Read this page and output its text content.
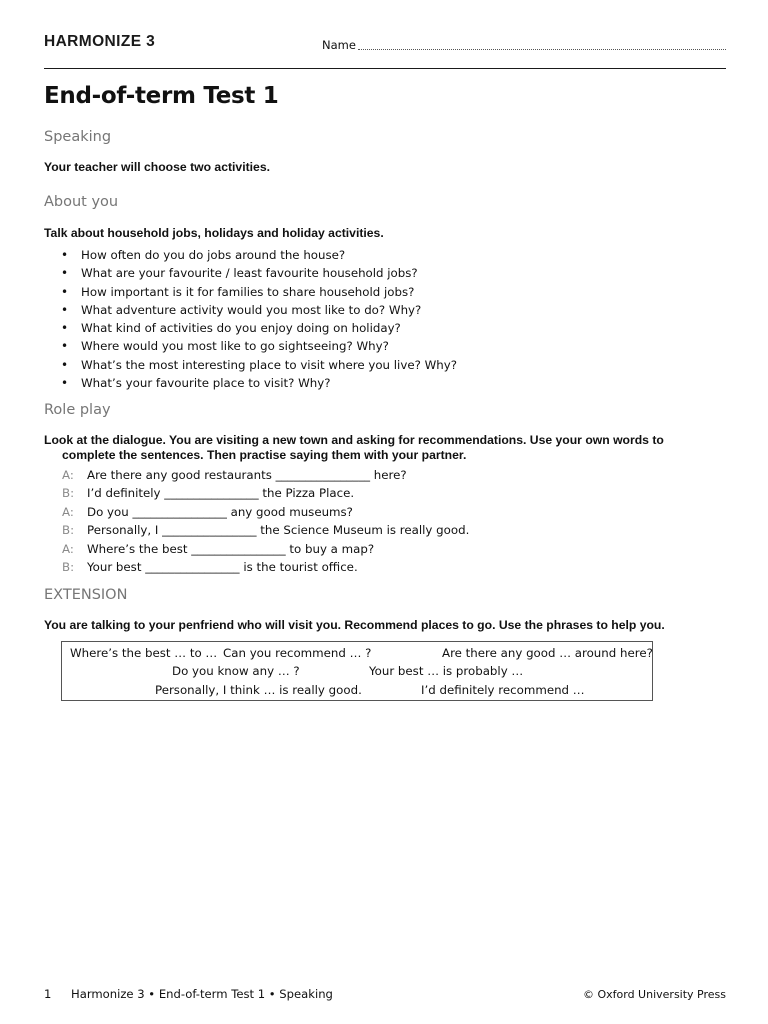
HARMONIZE 3	Name
End-of-term Test 1
Speaking
Your teacher will choose two activities.
About you
Talk about household jobs, holidays and holiday activities.
• How often do you do jobs around the house?
• What are your favourite / least favourite household jobs?
• How important is it for families to share household jobs?
• What adventure activity would you most like to do? Why?
• What kind of activities do you enjoy doing on holiday?
• Where would you most like to go sightseeing? Why?
• What’s the most interesting place to visit where you live? Why?
• What’s your favourite place to visit? Why?
Role play
Look at the dialogue. You are visiting a new town and asking for recommendations. Use your own words to
complete the sentences. Then practise saying them with your partner.
A:	Are there any good restaurants ________________ here?
B:	I’d definitely ________________ the Pizza Place.
A:	Do you ________________ any good museums?
B:	Personally, I ________________ the Science Museum is really good.
A:	Where’s the best ________________ to buy a map?
B:	Your best ________________ is the tourist office.
EXTENSION
You are talking to your penfriend who will visit you. Recommend places to go. Use the phrases to help you.
Where’s the best … to … Can you recommend … ?	Are there any good … around here?
Do you know any … ?	Your best … is probably …
Personally, I think … is really good.	I’d definitely recommend …
1 Harmonize 3 • End-of-term Test 1 • Speaking	© Oxford University Press
